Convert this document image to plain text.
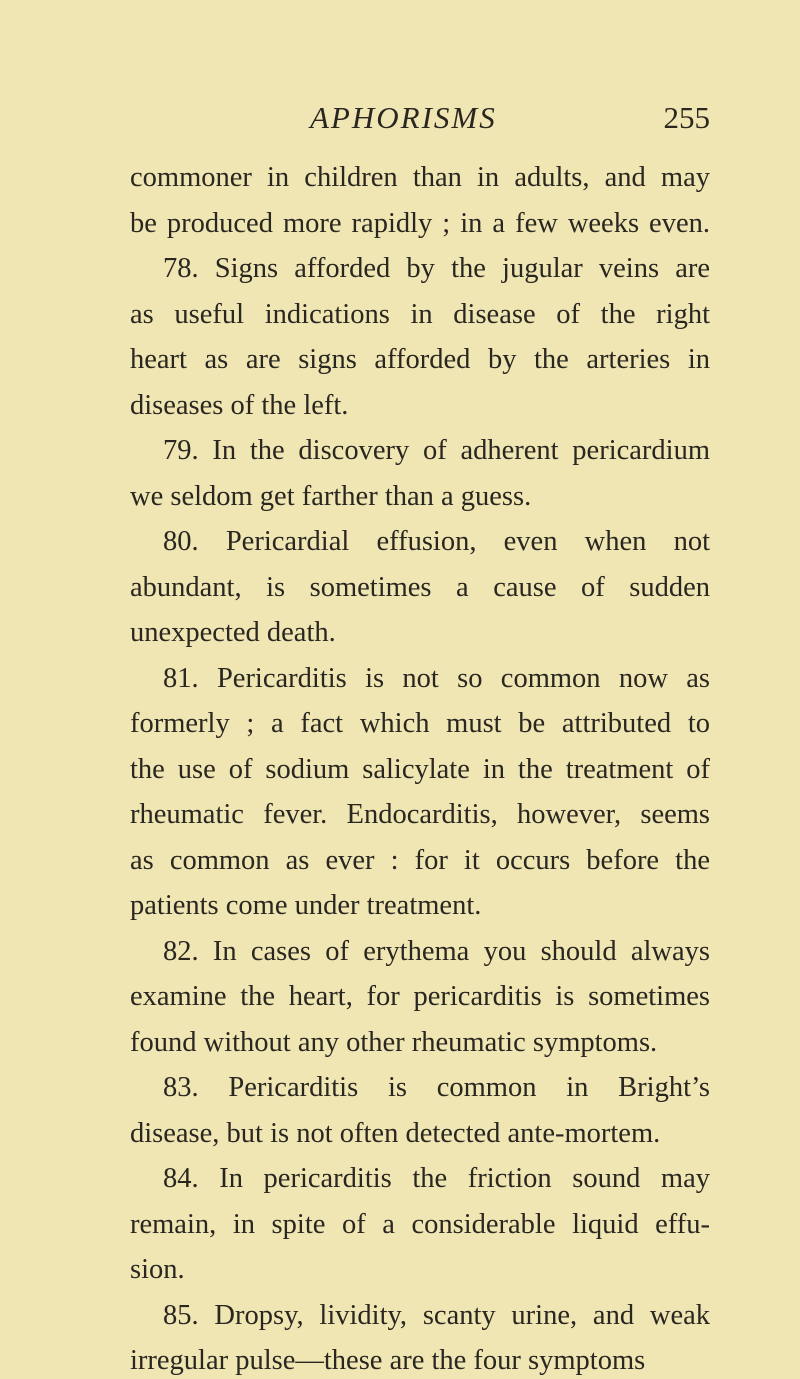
APHORISMS	255
commoner in children than in adults, and may
be produced more rapidly ; in a few weeks even.
78. Signs afforded by the jugular veins are
as useful indications in disease of the right
heart as are signs afforded by the arteries in
diseases of the left.
79. In the discovery of adherent pericardium
we seldom get farther than a guess.
80. Pericardial effusion, even when not
abundant, is sometimes a cause of sudden
unexpected death.
81. Pericarditis is not so common now as
formerly ; a fact which must be attributed to
the use of sodium salicylate in the treatment of
rheumatic fever. Endocarditis, however, seems
as common as ever : for it occurs before the
patients come under treatment.
82. In cases of erythema you should always
examine the heart, for pericarditis is sometimes
found without any other rheumatic symptoms.
83. Pericarditis is common in Bright’s
disease, but is not often detected ante-mortem.
84. In pericarditis the friction sound may
remain, in spite of a considerable liquid effu-
sion.
85. Dropsy, lividity, scanty urine, and weak
irregular pulse—these are the four symptoms
